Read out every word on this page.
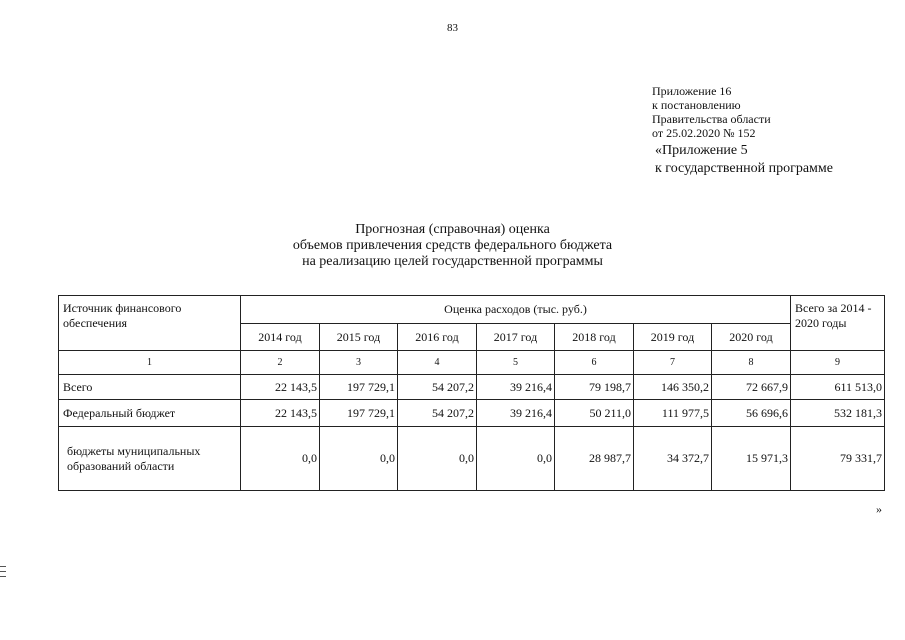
83
Приложение 16
к постановлению
Правительства области
от 25.02.2020 № 152
«Приложение 5
к государственной программе
Прогнозная (справочная) оценка
объемов привлечения средств федерального бюджета
на реализацию целей государственной программы
Источник финансового обеспечения	Оценка расходов (тыс. руб.)							Всего за 2014 - 2020 годы
	2014 год	2015 год	2016 год	2017 год	2018 год	2019 год	2020 год	
1	2	3	4	5	6	7	8	9
Всего	22 143,5	197 729,1	54 207,2	39 216,4	79 198,7	146 350,2	72 667,9	611 513,0
Федеральный бюджет	22 143,5	197 729,1	54 207,2	39 216,4	50 211,0	111 977,5	56 696,6	532 181,3
бюджеты муниципальных образований области	0,0	0,0	0,0	0,0	28 987,7	34 372,7	15 971,3	79 331,7
»
